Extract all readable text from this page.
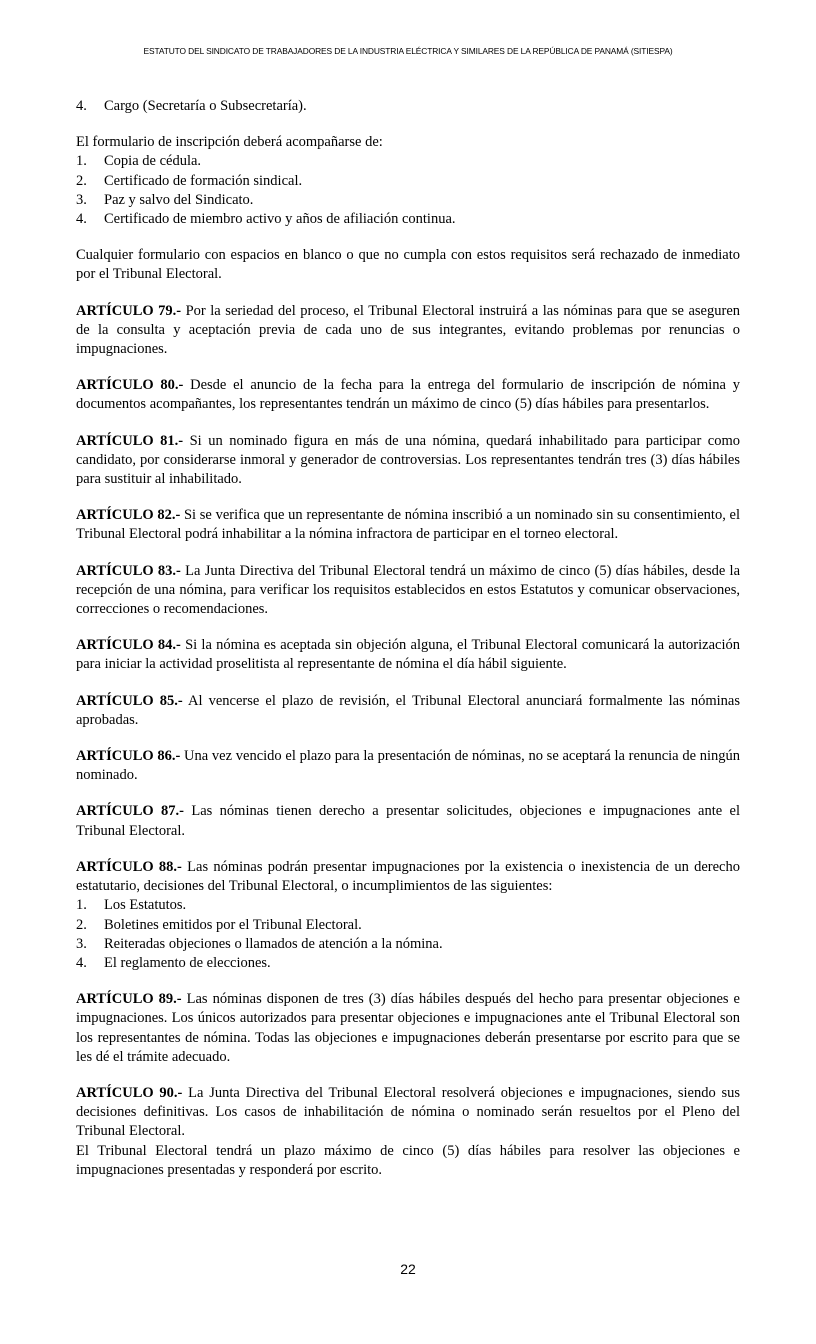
ESTATUTO DEL SINDICATO DE TRABAJADORES DE LA INDUSTRIA ELÉCTRICA Y SIMILARES DE LA REPÚBLICA DE PANAMÁ (SITIESPA)
4. Cargo (Secretaría o Subsecretaría).

El formulario de inscripción deberá acompañarse de:

1. Copia de cédula.
2. Certificado de formación sindical.
3. Paz y salvo del Sindicato.
4. Certificado de miembro activo y años de afiliación continua.

Cualquier formulario con espacios en blanco o que no cumpla con estos requisitos será rechazado de inmediato por el Tribunal Electoral.

ARTÍCULO 79.- Por la seriedad del proceso, el Tribunal Electoral instruirá a las nóminas para que se aseguren de la consulta y aceptación previa de cada uno de sus integrantes, evitando problemas por renuncias o impugnaciones.

ARTÍCULO 80.- Desde el anuncio de la fecha para la entrega del formulario de inscripción de nómina y documentos acompañantes, los representantes tendrán un máximo de cinco (5) días hábiles para presentarlos.

ARTÍCULO 81.- Si un nominado figura en más de una nómina, quedará inhabilitado para participar como candidato, por considerarse inmoral y generador de controversias. Los representantes tendrán tres (3) días hábiles para sustituir al inhabilitado.

ARTÍCULO 82.- Si se verifica que un representante de nómina inscribió a un nominado sin su consentimiento, el Tribunal Electoral podrá inhabilitar a la nómina infractora de participar en el torneo electoral.

ARTÍCULO 83.- La Junta Directiva del Tribunal Electoral tendrá un máximo de cinco (5) días hábiles, desde la recepción de una nómina, para verificar los requisitos establecidos en estos Estatutos y comunicar observaciones, correcciones o recomendaciones.

ARTÍCULO 84.- Si la nómina es aceptada sin objeción alguna, el Tribunal Electoral comunicará la autorización para iniciar la actividad proselitista al representante de nómina el día hábil siguiente.

ARTÍCULO 85.- Al vencerse el plazo de revisión, el Tribunal Electoral anunciará formalmente las nóminas aprobadas.

ARTÍCULO 86.- Una vez vencido el plazo para la presentación de nóminas, no se aceptará la renuncia de ningún nominado.

ARTÍCULO 87.- Las nóminas tienen derecho a presentar solicitudes, objeciones e impugnaciones ante el Tribunal Electoral.

ARTÍCULO 88.- Las nóminas podrán presentar impugnaciones por la existencia o inexistencia de un derecho estatutario, decisiones del Tribunal Electoral, o incumplimientos de las siguientes:

1. Los Estatutos.
2. Boletines emitidos por el Tribunal Electoral.
3. Reiteradas objeciones o llamados de atención a la nómina.
4. El reglamento de elecciones.

ARTÍCULO 89.- Las nóminas disponen de tres (3) días hábiles después del hecho para presentar objeciones e impugnaciones. Los únicos autorizados para presentar objeciones e impugnaciones ante el Tribunal Electoral son los representantes de nómina. Todas las objeciones e impugnaciones deberán presentarse por escrito para que se les dé el trámite adecuado.

ARTÍCULO 90.- La Junta Directiva del Tribunal Electoral resolverá objeciones e impugnaciones, siendo sus decisiones definitivas. Los casos de inhabilitación de nómina o nominado serán resueltos por el Pleno del Tribunal Electoral.

El Tribunal Electoral tendrá un plazo máximo de cinco (5) días hábiles para resolver las objeciones e impugnaciones presentadas y responderá por escrito.

22
